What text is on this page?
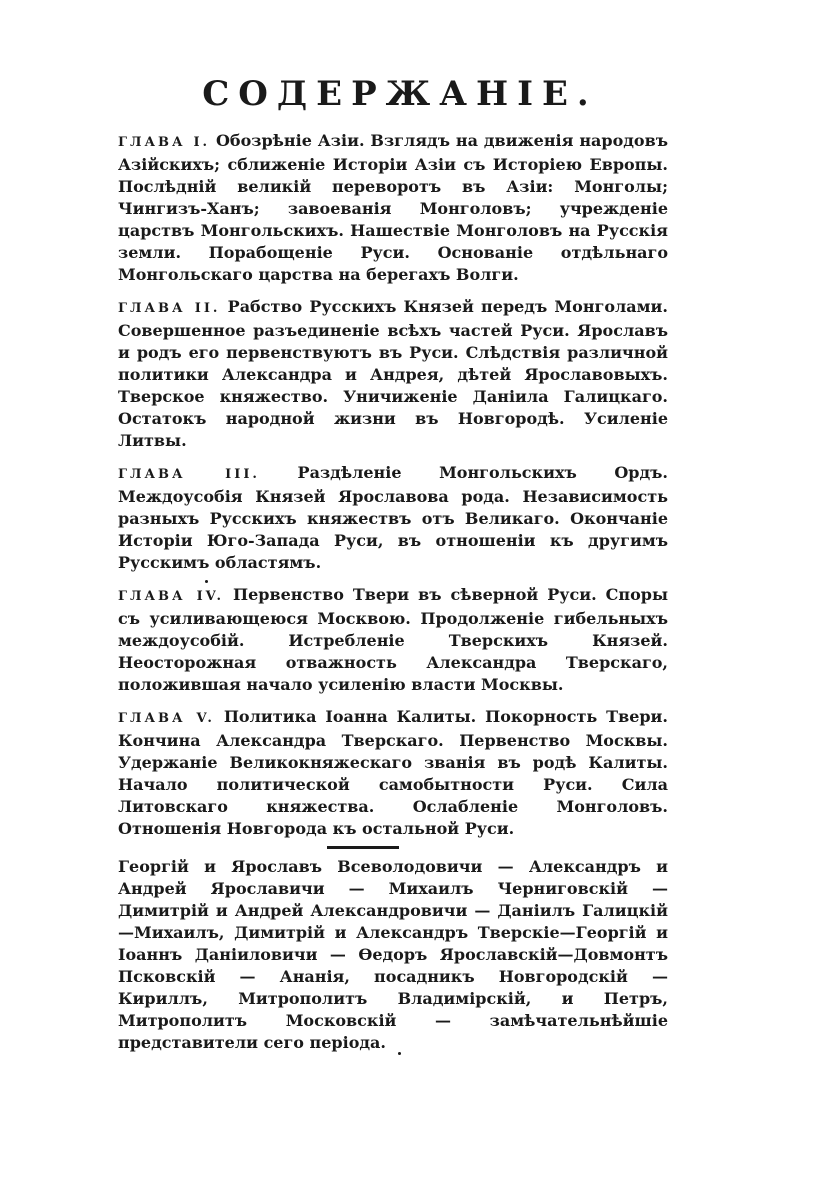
СОДЕРЖАНІЕ.
ГЛАВА I. Обозрѣніе Азіи. Взглядъ на движенія народовъ Азійскихъ; сближеніе Исторіи Азіи съ Исторіею Европы. Послѣдній великій переворотъ въ Азіи: Монголы; Чингизъ-Ханъ; завоеванія Монголовъ; учрежденіе царствъ Монгольскихъ. Нашествіе Монголовъ на Русскія земли. Порабощеніе Руси. Основаніе отдѣльнаго Монгольскаго царства на берегахъ Волги.
ГЛАВА II. Рабство Русскихъ Князей передъ Монголами. Совершенное разъединеніе всѣхъ частей Руси. Ярославъ и родъ его первенствуютъ въ Руси. Слѣдствія различной политики Александра и Андрея, дѣтей Ярославовыхъ. Тверское княжество. Уничиженіе Даніила Галицкаго. Остатокъ народной жизни въ Новгородѣ. Усиленіе Литвы.
ГЛАВА III. Раздѣленіе Монгольскихъ Ордъ. Междоусобія Князей Ярославова рода. Независимость разныхъ Русскихъ княжествъ отъ Великаго. Окончаніе Исторіи Юго-Запада Руси, въ отношеніи къ другимъ Русскимъ областямъ.
ГЛАВА IV. Первенство Твери въ сѣверной Руси. Споры съ усиливающеюся Москвою. Продолженіе гибельныхъ междоусобій. Истребленіе Тверскихъ Князей. Неосторожная отважность Александра Тверскаго, положившая начало усиленію власти Москвы.
ГЛАВА V. Политика Іоанна Калиты. Покорность Твери. Кончина Александра Тверскаго. Первенство Москвы. Удержаніе Великокняжескаго званія въ родѣ Калиты. Начало политической самобытности Руси. Сила Литовскаго княжества. Ослабленіе Монголовъ. Отношенія Новгорода къ остальной Руси.
Георгій и Ярославъ Всеволодовичи — Александръ и Андрей Ярославичи — Михаилъ Черниговскій — Димитрій и Андрей Александровичи — Даніилъ Галицкій—Михаилъ, Димитрій и Александръ Тверскіе—Георгій и Іоаннъ Даніиловичи — Ѳедоръ Ярославскій—Довмонтъ Псковскій — Ананія, посадникъ Новгородскій — Кириллъ, Митрополитъ Владимірскій, и Петръ, Митрополитъ Московскій — замѣчательнѣйшіе представители сего періода.
